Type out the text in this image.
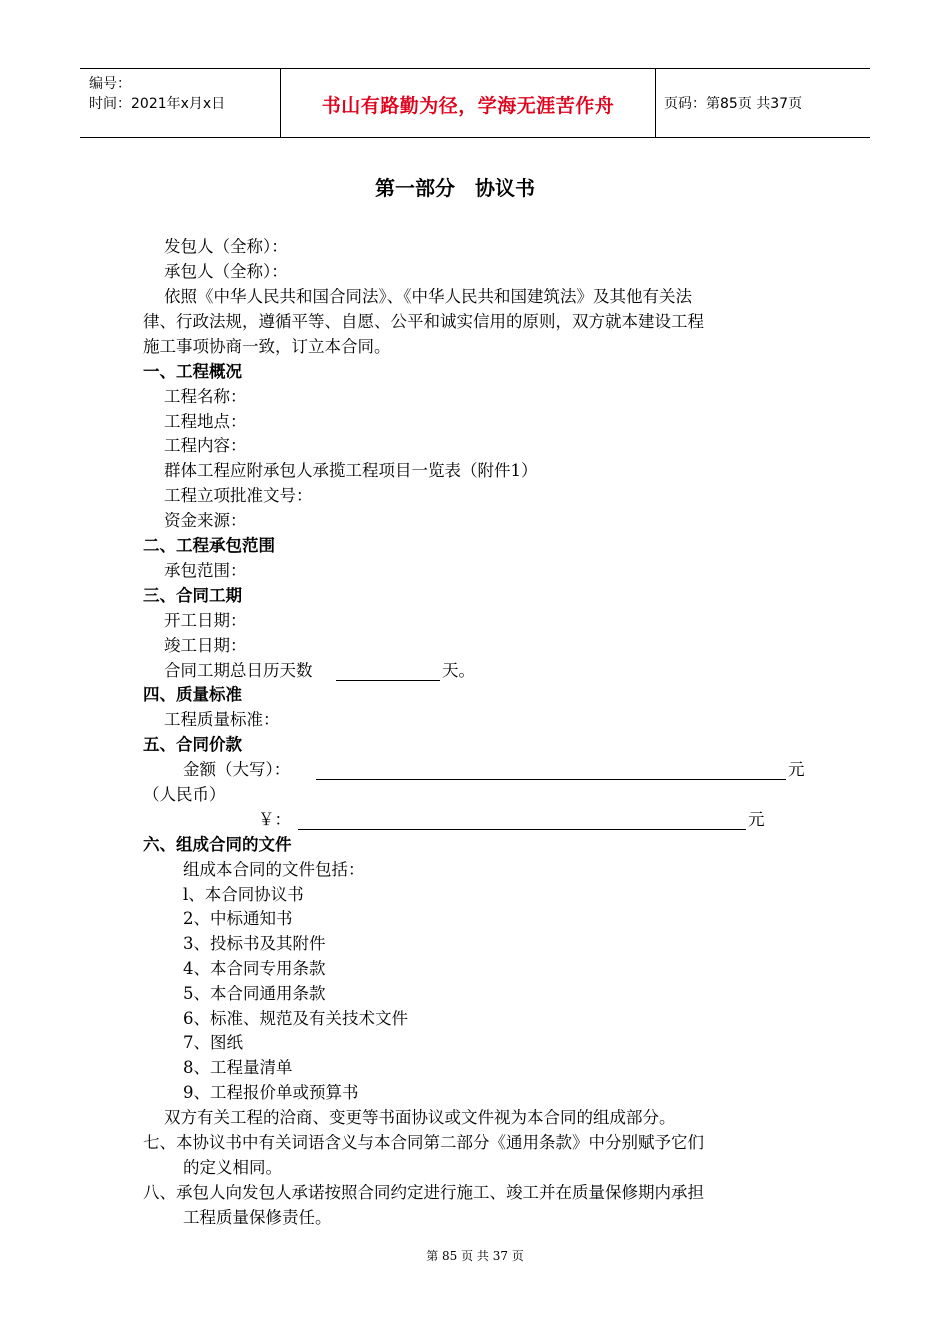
编号：
时间：2021年x月x日	书山有路勤为径，学海无涯苦作舟	页码：第85页 共37页
第一部分　协议书
发包人（全称）：
承包人（全称）：
依照《中华人民共和国合同法》、《中华人民共和国建筑法》及其他有关法
律、行政法规，遵循平等、自愿、公平和诚实信用的原则，双方就本建设工程
施工事项协商一致，订立本合同。
一、工程概况
工程名称：
工程地点：
工程内容：
群体工程应附承包人承揽工程项目一览表（附件1）
工程立项批准文号：
资金来源：
二、工程承包范围
承包范围：
三、合同工期
开工日期：
竣工日期：
合同工期总日历天数	天。
四、质量标准
工程质量标准：
五、合同价款
金额（大写）：	元
（人民币）
￥：	元
六、组成合同的文件
组成本合同的文件包括：
l、本合同协议书
2、中标通知书
3、投标书及其附件
4、本合同专用条款
5、本合同通用条款
6、标准、规范及有关技术文件
7、图纸
8、工程量清单
9、工程报价单或预算书
双方有关工程的洽商、变更等书面协议或文件视为本合同的组成部分。
七、本协议书中有关词语含义与本合同第二部分《通用条款》中分别赋予它们
的定义相同。
八、承包人向发包人承诺按照合同约定进行施工、竣工并在质量保修期内承担
工程质量保修责任。
第 85 页 共 37 页
